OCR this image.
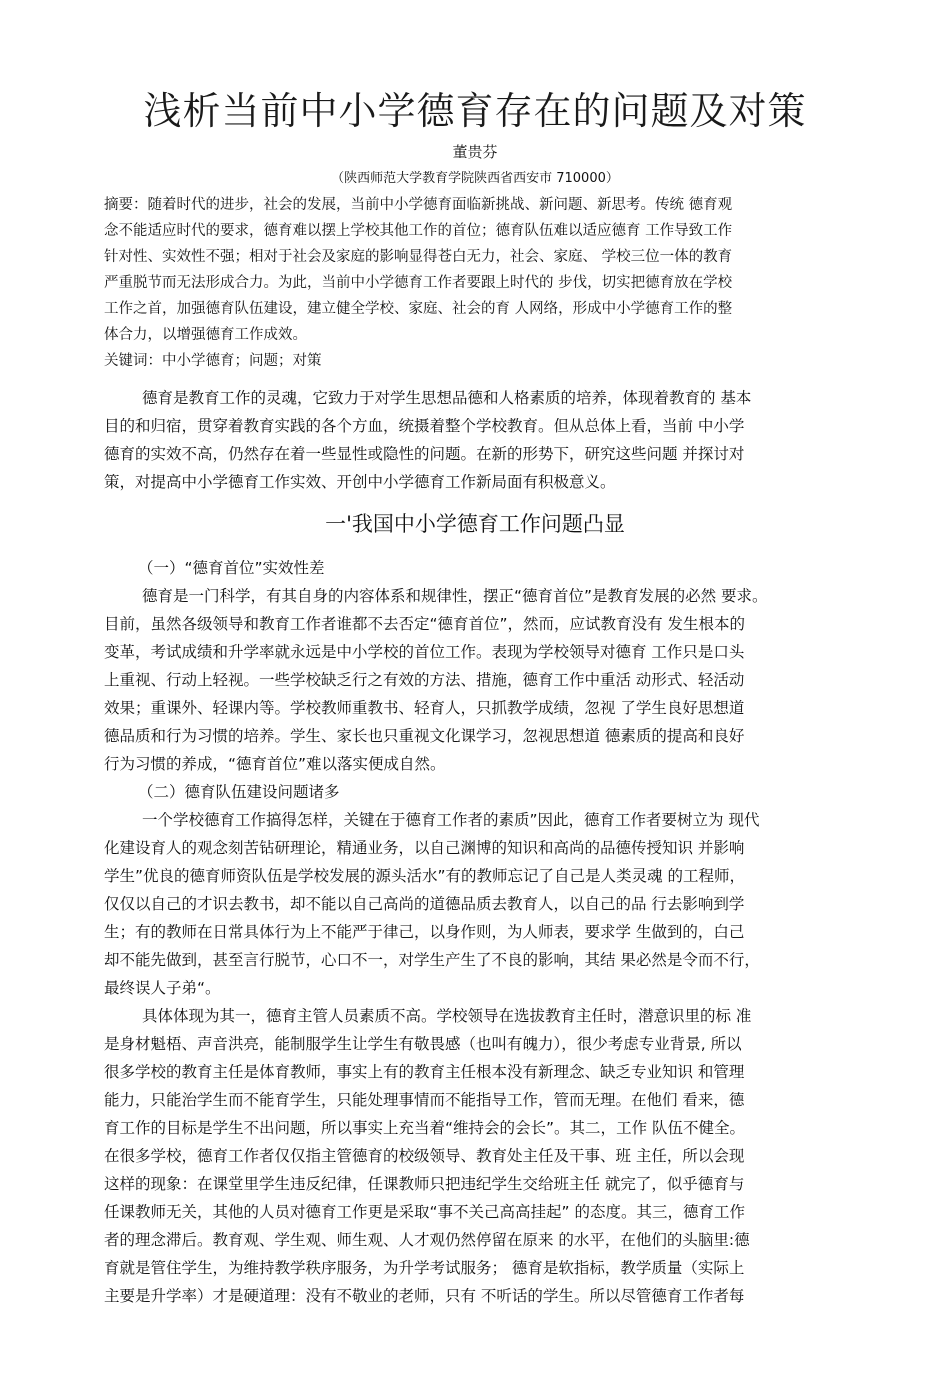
浅析当前中小学德育存在的问题及对策
董贵芬
（陕西师范大学教育学院陕西省西安市 710000）
摘要：随着时代的进步，社会的发展，当前中小学德育面临新挑战、新问题、新思考。传统 德育观
念不能适应时代的要求，德育难以摆上学校其他工作的首位；德育队伍难以适应德育 工作导致工作
针对性、实效性不强；相对于社会及家庭的影响显得苍白无力，社会、家庭、 学校三位一体的教育
严重脱节而无法形成合力。为此，当前中小学德育工作者要跟上时代的 步伐，切实把德育放在学校
工作之首，加强德育队伍建设，建立健全学校、家庭、社会的育 人网络，形成中小学德育工作的整
体合力，以增强德育工作成效。
关键词：中小学德育；问题；对策
德育是教育工作的灵魂，它致力于对学生思想品德和人格素质的培养，体现着教育的 基本
目的和归宿，贯穿着教育实践的各个方血，统摄着整个学校教育。但从总体上看，当前 中小学
德育的实效不高，仍然存在着一些显性或隐性的问题。在新的形势下，研究这些问题 并探讨对
策，对提高中小学德育工作实效、开创中小学德育工作新局面有积极意义。
一'我国中小学德育工作问题凸显
（一）“德育首位”实效性差
德育是一门科学，有其自身的内容体系和规律性，摆正“德育首位”是教育发展的必然 要求。
目前，虽然各级领导和教育工作者谁都不去否定“德育首位”，然而，应试教育没有 发生根本的
变革，考试成绩和升学率就永远是中小学校的首位工作。表现为学校领导对德育 工作只是口头
上重视、行动上轻视。一些学校缺乏行之有效的方法、措施，德育工作中重活 动形式、轻活动
效果；重课外、轻课内等。学校教师重教书、轻育人，只抓教学成绩，忽视 了学生良好思想道
德品质和行为习惯的培养。学生、家长也只重视文化课学习，忽视思想道 德素质的提高和良好
行为习惯的养成，“德育首位”难以落实便成自然。
（二）德育队伍建设问题诸多
一个学校德育工作搞得怎样，关键在于德育工作者的素质”因此，德育工作者要树立为 现代
化建设育人的观念刻苦钻研理论，精通业务，以自己渊博的知识和高尚的品德传授知识 并影响
学生”优良的德育师资队伍是学校发展的源头活水”有的教师忘记了自己是人类灵魂 的工程师，
仅仅以自己的才识去教书，却不能以自己高尚的道德品质去教育人，以自己的品 行去影响到学
生；有的教师在日常具体行为上不能严于律己，以身作则，为人师表，要求学 生做到的，白己
却不能先做到，甚至言行脱节，心口不一，对学生产生了不良的影响，其结 果必然是令而不行，
最终误人子弟“。
具体体现为其一，德育主管人员素质不高。学校领导在选拔教育主任时，潜意识里的标 准
是身材魁梧、声音洪亮，能制服学生让学生有敬畏感（也叫有魄力），很少考虑专业背景, 所以
很多学校的教育主任是体育教师，事实上有的教育主任根本没有新理念、缺乏专业知识 和管理
能力，只能治学生而不能育学生，只能处理事情而不能指导工作，管而无理。在他们 看来，德
育工作的目标是学生不出问题，所以事实上充当着“维持会的会长”。其二，工作 队伍不健全。
在很多学校，德育工作者仅仅指主管德育的校级领导、教育处主任及干事、班 主任，所以会现
这样的现象：在课堂里学生违反纪律，任课教师只把违纪学生交给班主任 就完了，似乎德育与
任课教师无关，其他的人员对德育工作更是采取“事不关己高高挂起” 的态度。其三，德育工作
者的理念滞后。教育观、学生观、师生观、人才观仍然停留在原来 的水平，在他们的头脑里:德
育就是管住学生，为维持教学秩序服务，为升学考试服务； 德育是软指标，教学质量（实际上
主要是升学率）才是硬道理：没有不敬业的老师，只有 不听话的学生。所以尽管德育工作者每
